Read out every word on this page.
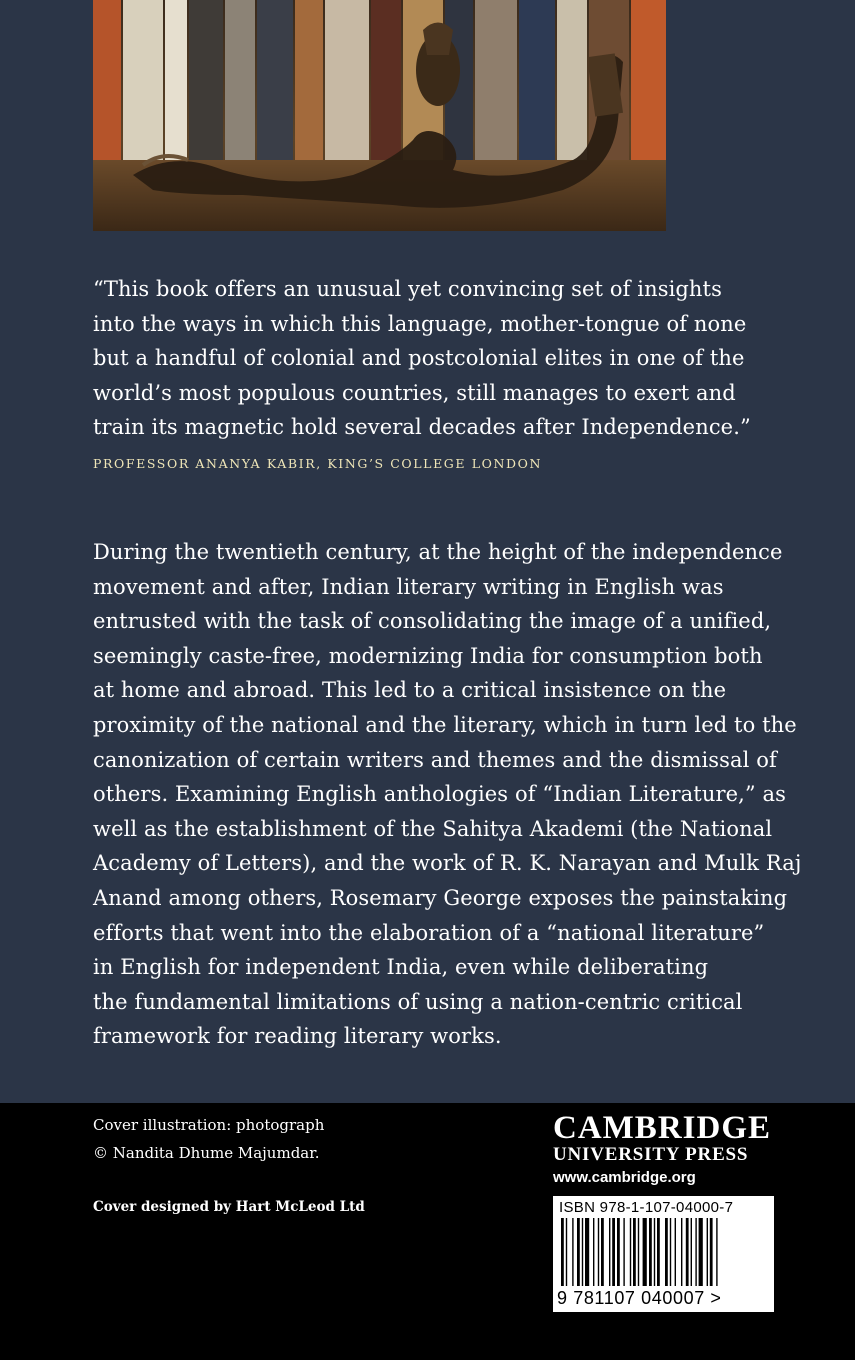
“This book offers an unusual yet convincing set of insights
into the ways in which this language, mother-tongue of none
but a handful of colonial and postcolonial elites in one of the
world’s most populous countries, still manages to exert and
train its magnetic hold several decades after Independence.”
PROFESSOR ANANYA KABIR, KING’S COLLEGE LONDON
During the twentieth century, at the height of the independence
movement and after, Indian literary writing in English was
entrusted with the task of consolidating the image of a unified,
seemingly caste-free, modernizing India for consumption both
at home and abroad. This led to a critical insistence on the
proximity of the national and the literary, which in turn led to the
canonization of certain writers and themes and the dismissal of
others. Examining English anthologies of “Indian Literature,” as
well as the establishment of the Sahitya Akademi (the National
Academy of Letters), and the work of R. K. Narayan and Mulk Raj
Anand among others, Rosemary George exposes the painstaking
efforts that went into the elaboration of a “national literature”
in English for independent India, even while deliberating
the fundamental limitations of using a nation-centric critical
framework for reading literary works.
Cover illustration: photograph
© Nandita Dhume Majumdar.
Cover designed by Hart McLeod Ltd
CAMBRIDGE
UNIVERSITY PRESS
www.cambridge.org
ISBN 978-1-107-04000-7
9 781107 040007 >
